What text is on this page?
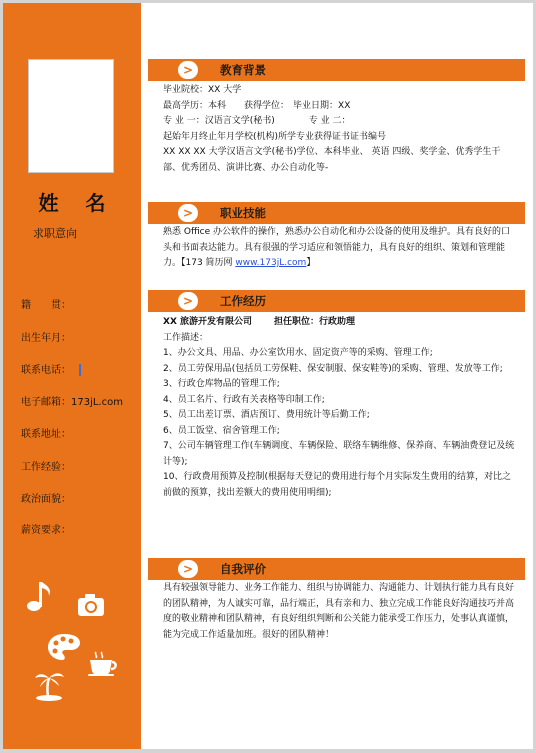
姓 名
求职意向
籍　　贯：
出生年月：
联系电话：
电子邮箱：173jL.com
联系地址：
工作经验：
政治面貌：
薪资要求：
>	教育背景

毕业院校：XX 大学

最高学历：本科 获得学位： 毕业日期：XX

专 业 一：汉语言文学(秘书)	专 业 二：

起始年月终止年月学校(机构)所学专业获得证书证书编号

XX XX XX 大学汉语言文学(秘书)学位、本科毕业、 英语 四级、奖学金、优秀学生干部、优秀团员、演讲比赛、办公自动化等-

>	职业技能

熟悉 Office 办公软件的操作，熟悉办公自动化和办公设备的使用及维护。具有良好的口头和书面表达能力。具有很强的学习适应和领悟能力，具有良好的组织、策划和管理能力。【173 简历网 www.173jL.com】

>	工作经历

XX 旅游开发有限公司 担任职位：行政助理

工作描述：

1、办公文具、用品、办公室饮用水、固定资产等的采购、管理工作;

2、员工劳保用品(包括员工劳保鞋、保安制服、保安鞋等)的采购、管理、发放等工作;

3、行政仓库物品的管理工作;

4、员工名片、行政有关表格等印制工作;

5、员工出差订票、酒店预订、费用统计等后勤工作;

6、员工饭堂、宿舍管理工作;

7、公司车辆管理工作(车辆调度、车辆保险、联络车辆维修、保养商、车辆油费登记及统计等);

10、行政费用预算及控制(根据每天登记的费用进行每个月实际发生费用的结算，对比之前做的预算，找出差额大的费用使用明细);

>	自我评价

具有较强领导能力、业务工作能力、组织与协调能力、沟通能力、计划执行能力具有良好的团队精神，为人诚实可靠，品行端正，具有亲和力、独立完成工作能良好沟通技巧并高度的敬业精神和团队精神，有良好组织判断和公关能力能承受工作压力，处事认真谨慎，能为完成工作适量加班。很好的团队精神！
